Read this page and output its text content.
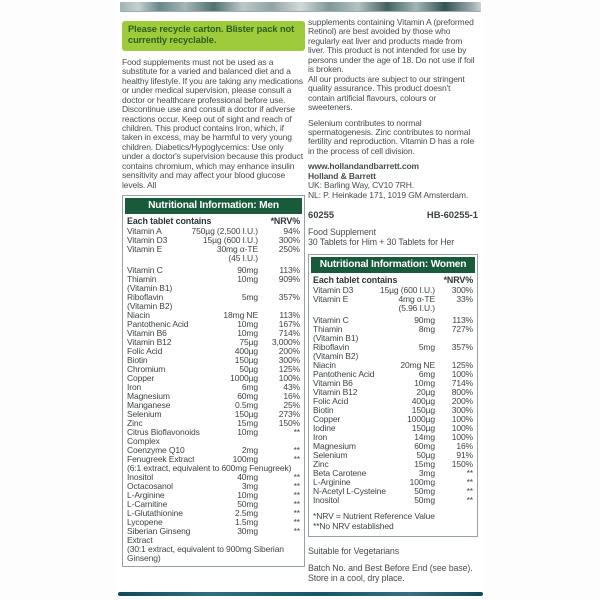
Please recycle carton. Blister pack not currently recyclable.
Food supplements must not be used as a substitute for a varied and balanced diet and a healthy lifestyle. If you are taking any medications or under medical supervision, please consult a doctor or healthcare professional before use. Discontinue use and consult a doctor if adverse reactions occur. Keep out of sight and reach of children. This product contains Iron, which, if taken in excess, may be harmful to very young children. Diabetics/Hypoglycemics: Use only under a doctor's supervision because this product contains chromium, which may enhance insulin sensitivity and may affect your blood glucose levels. All
Nutritional Information: Men
Each tablet contains	*NRV%
Vitamin A	750µg (2,500 I.U.)	94%
Vitamin D3	15µg (600 I.U.)	300%
Vitamin E	30mg α-TE	250%
(45 I.U.)
Vitamin C	90mg	113%
Thiamin	10mg	909%
(Vitamin B1)
Riboflavin	5mg	357%
(Vitamin B2)
Niacin	18mg NE	113%
Pantothenic Acid	10mg	167%
Vitamin B6	10mg	714%
Vitamin B12	75µg	3,000%
Folic Acid	400µg	200%
Biotin	150µg	300%
Chromium	50µg	125%
Copper	1000µg	100%
Iron	6mg	43%
Magnesium	60mg	16%
Manganese	0.5mg	25%
Selenium	150µg	273%
Zinc	15mg	150%
Citrus Bioflavonoids	10mg	**
Complex
Coenzyme Q10	2mg	**
Fenugreek Extract	100mg	**
(6:1 extract, equivalent to 600mg Fenugreek)
Inositol	40mg	**
Octacosanol	3mg	**
L-Arginine	10mg	**
L-Carnitine	50mg	**
L-Glutathionine	2.5mg	**
Lycopene	1.5mg	**
Siberian Ginseng	30mg	**
Extract
(30:1 extract, equivalent to 900mg Siberian Ginseng)

supplements containing Vitamin A (preformed Retinol) are best avoided by those who regularly eat liver and products made from liver. This product is not intended for use by persons under the age of 18. Do not use if foil is broken.

All our products are subject to our stringent quality assurance. This product doesn't contain artificial flavours, colours or sweeteners.

Selenium contributes to normal spermatogenesis. Zinc contributes to normal fertility and reproduction. Vitamin D has a role in the process of cell division.

www.hollandandbarrett.com

Holland & Barrett

UK: Barling Way, CV10 7RH.

NL: P. Heinkade 171, 1019 GM Amsterdam.

60255	HB-60255-1

Food Supplement

30 Tablets for Him + 30 Tablets for Her

Nutritional Information: Women
Each tablet contains	*NRV%
Vitamin D3	15µg (600 I.U.)	300%
Vitamin E	4mg α-TE	33%
(5.96 I.U.)
Vitamin C	90mg	113%
Thiamin	8mg	727%
(Vitamin B1)
Riboflavin	5mg	357%
(Vitamin B2)
Niacin	20mg NE	125%
Pantothenic Acid	6mg	100%
Vitamin B6	10mg	714%
Vitamin B12	20µg	800%
Folic Acid	400µg	200%
Biotin	150µg	300%
Copper	1000µg	100%
Iodine	150µg	100%
Iron	14mg	100%
Magnesium	60mg	16%
Selenium	50µg	91%
Zinc	15mg	150%
Beta Carotene	3mg	**
L-Arginine	100mg	**
N-Acetyl L-Cysteine	50mg	**
Inositol	50mg	**
*NRV = Nutrient Reference Value
**No NRV established

Suitable for Vegetarians

Batch No. and Best Before End (see base).

Store in a cool, dry place.
